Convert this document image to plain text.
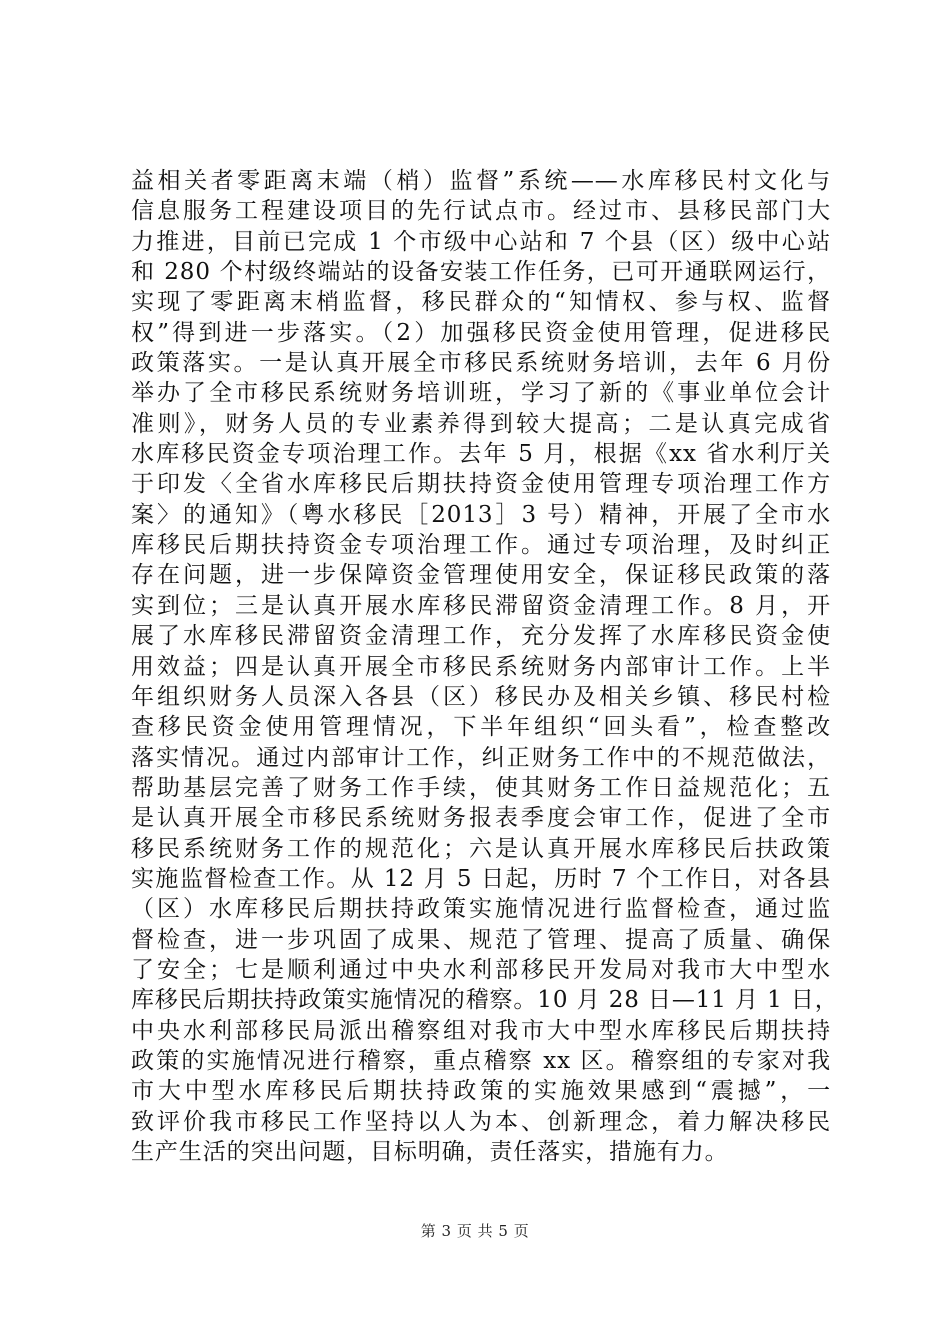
益相关者零距离末端（梢）监督”系统——水库移民村文化与
信息服务工程建设项目的先行试点市。经过市、县移民部门大
力推进，目前已完成 1 个市级中心站和 7 个县（区）级中心站
和 280 个村级终端站的设备安装工作任务，已可开通联网运行，
实现了零距离末梢监督，移民群众的“知情权、参与权、监督
权”得到进一步落实。（2）加强移民资金使用管理，促进移民
政策落实。一是认真开展全市移民系统财务培训，去年 6 月份
举办了全市移民系统财务培训班，学习了新的《事业单位会计
准则》，财务人员的专业素养得到较大提高；二是认真完成省
水库移民资金专项治理工作。去年 5 月，根据《xx 省水利厅关
于印发〈全省水库移民后期扶持资金使用管理专项治理工作方
案〉的通知》（粤水移民［2013］3 号）精神，开展了全市水
库移民后期扶持资金专项治理工作。通过专项治理，及时纠正
存在问题，进一步保障资金管理使用安全，保证移民政策的落
实到位；三是认真开展水库移民滞留资金清理工作。8 月，开
展了水库移民滞留资金清理工作，充分发挥了水库移民资金使
用效益；四是认真开展全市移民系统财务内部审计工作。上半
年组织财务人员深入各县（区）移民办及相关乡镇、移民村检
查移民资金使用管理情况，下半年组织“回头看”，检查整改
落实情况。通过内部审计工作，纠正财务工作中的不规范做法，
帮助基层完善了财务工作手续，使其财务工作日益规范化；五
是认真开展全市移民系统财务报表季度会审工作，促进了全市
移民系统财务工作的规范化；六是认真开展水库移民后扶政策
实施监督检查工作。从 12 月 5 日起，历时 7 个工作日，对各县
（区）水库移民后期扶持政策实施情况进行监督检查，通过监
督检查，进一步巩固了成果、规范了管理、提高了质量、确保
了安全；七是顺利通过中央水利部移民开发局对我市大中型水
库移民后期扶持政策实施情况的稽察。10 月 28 日—11 月 1 日，
中央水利部移民局派出稽察组对我市大中型水库移民后期扶持
政策的实施情况进行稽察，重点稽察 xx 区。稽察组的专家对我
市大中型水库移民后期扶持政策的实施效果感到“震撼”，一
致评价我市移民工作坚持以人为本、创新理念，着力解决移民
生产生活的突出问题，目标明确，责任落实，措施有力。
第 3 页 共 5 页
